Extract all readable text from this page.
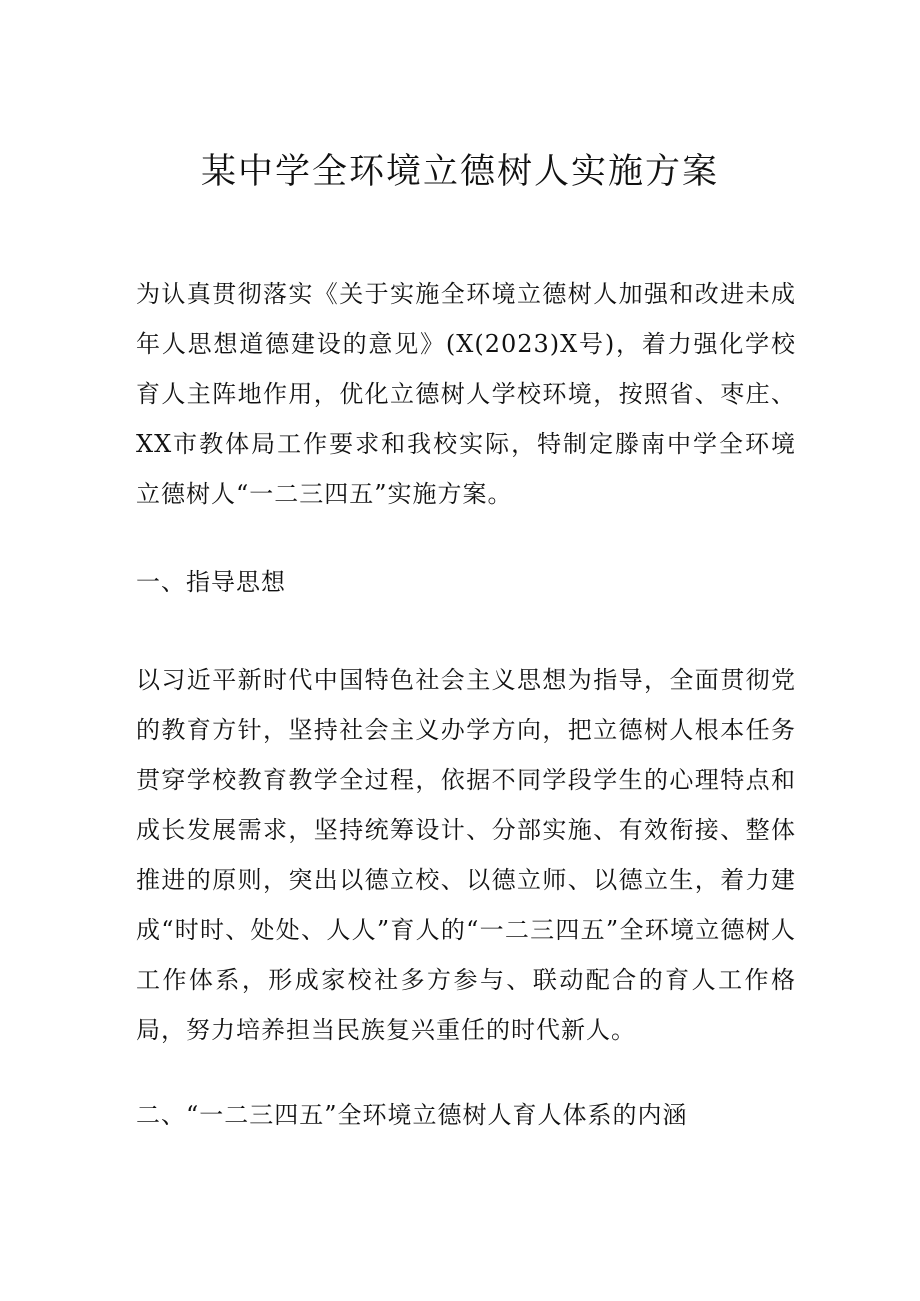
某中学全环境立德树人实施方案

为认真贯彻落实《关于实施全环境立德树人加强和改进未成年人思想道德建设的意见》(X(2023)X号)，着力强化学校育人主阵地作用，优化立德树人学校环境，按照省、枣庄、XX市教体局工作要求和我校实际，特制定滕南中学全环境立德树人“一二三四五”实施方案。

一、指导思想

以习近平新时代中国特色社会主义思想为指导，全面贯彻党的教育方针，坚持社会主义办学方向，把立德树人根本任务贯穿学校教育教学全过程，依据不同学段学生的心理特点和成长发展需求，坚持统筹设计、分部实施、有效衔接、整体推进的原则，突出以德立校、以德立师、以德立生，着力建成“时时、处处、人人”育人的“一二三四五”全环境立德树人工作体系，形成家校社多方参与、联动配合的育人工作格局，努力培养担当民族复兴重任的时代新人。

二、“一二三四五”全环境立德树人育人体系的内涵
